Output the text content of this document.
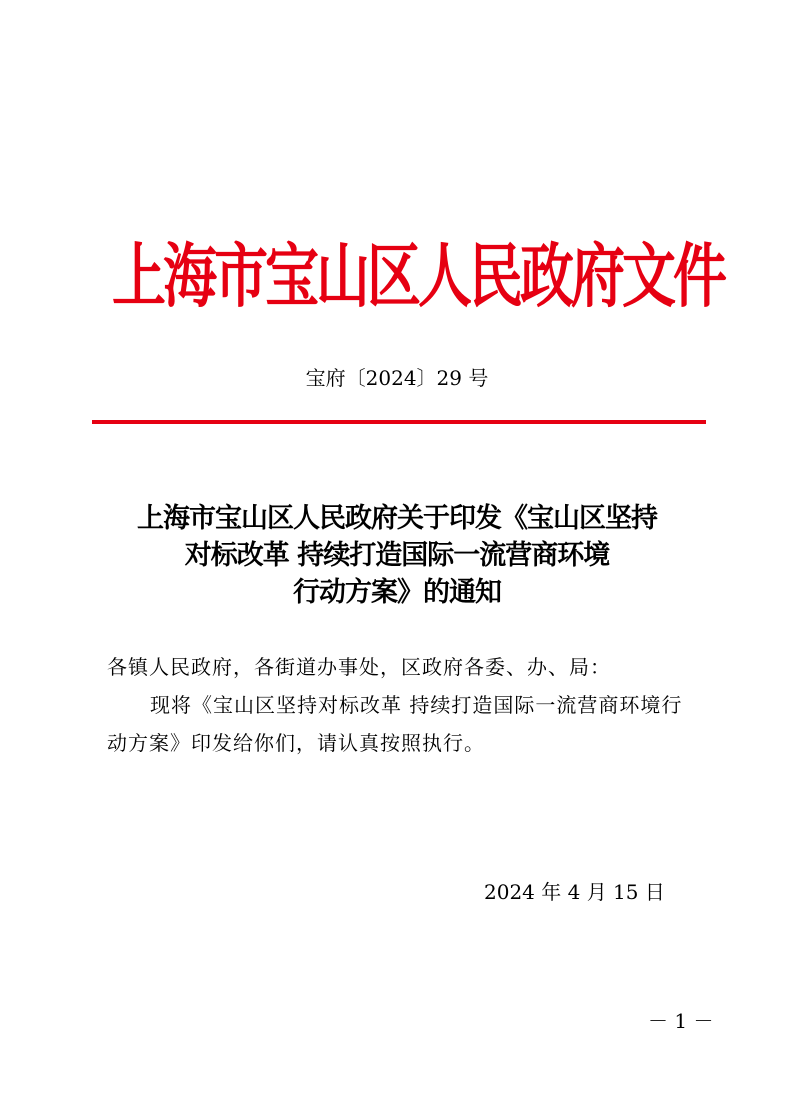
上海市宝山区人民政府文件
宝府〔2024〕29 号
上海市宝山区人民政府关于印发《宝山区坚持
对标改革 持续打造国际一流营商环境
行动方案》的通知
各镇人民政府，各街道办事处，区政府各委、办、局：
现将《宝山区坚持对标改革 持续打造国际一流营商环境行
动方案》印发给你们，请认真按照执行。
2024 年 4 月 15 日
－ 1 －
